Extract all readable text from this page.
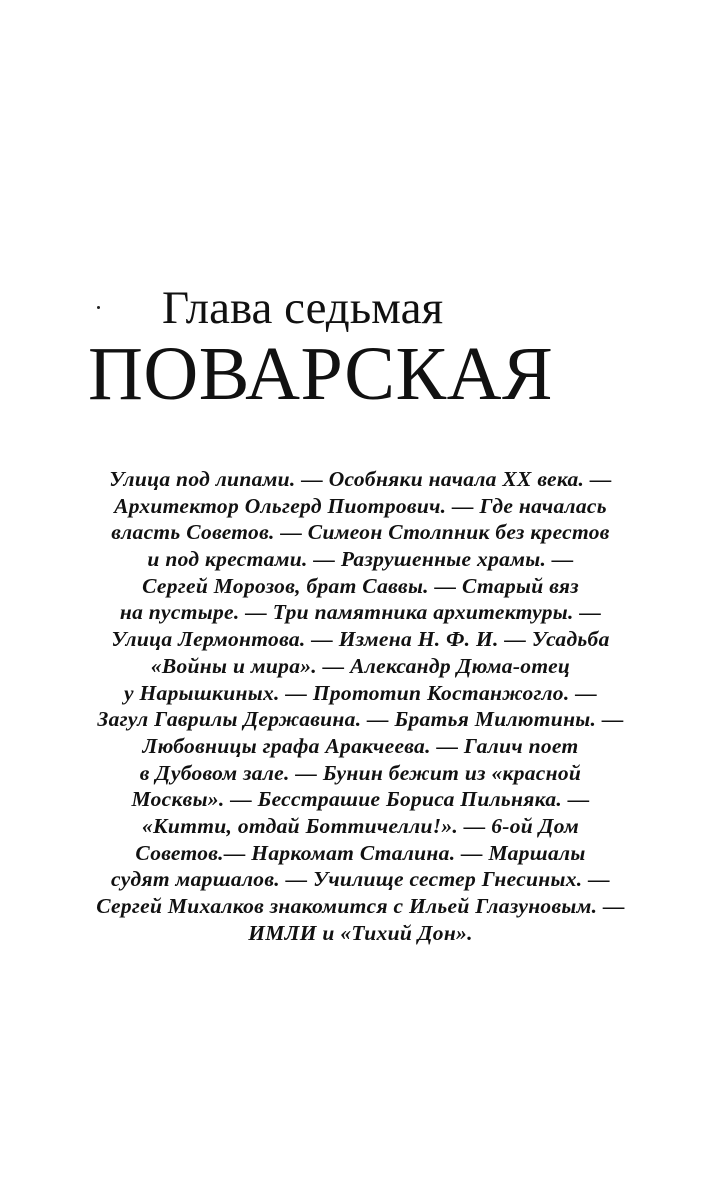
Глава седьмая
ПОВАРСКАЯ
Улица под липами. — Особняки начала XX века. —
Архитектор Ольгерд Пиотрович. — Где началась
власть Советов. — Симеон Столпник без крестов
и под крестами. — Разрушенные храмы. —
Сергей Морозов, брат Саввы. — Старый вяз
на пустыре. — Три памятника архитектуры. —
Улица Лермонтова. — Измена Н. Ф. И. — Усадьба
«Войны и мира». — Александр Дюма-отец
у Нарышкиных. — Прототип Костанжогло. —
Загул Гаврилы Державина. — Братья Милютины. —
Любовницы графа Аракчеева. — Галич поет
в Дубовом зале. — Бунин бежит из «красной
Москвы». — Бесстрашие Бориса Пильняка. —
«Китти, отдай Боттичелли!». — 6-ой Дом
Советов.— Наркомат Сталина. — Маршалы
судят маршалов. — Училище сестер Гнесиных. —
Сергей Михалков знакомится с Ильей Глазуновым. —
ИМЛИ и «Тихий Дон».
